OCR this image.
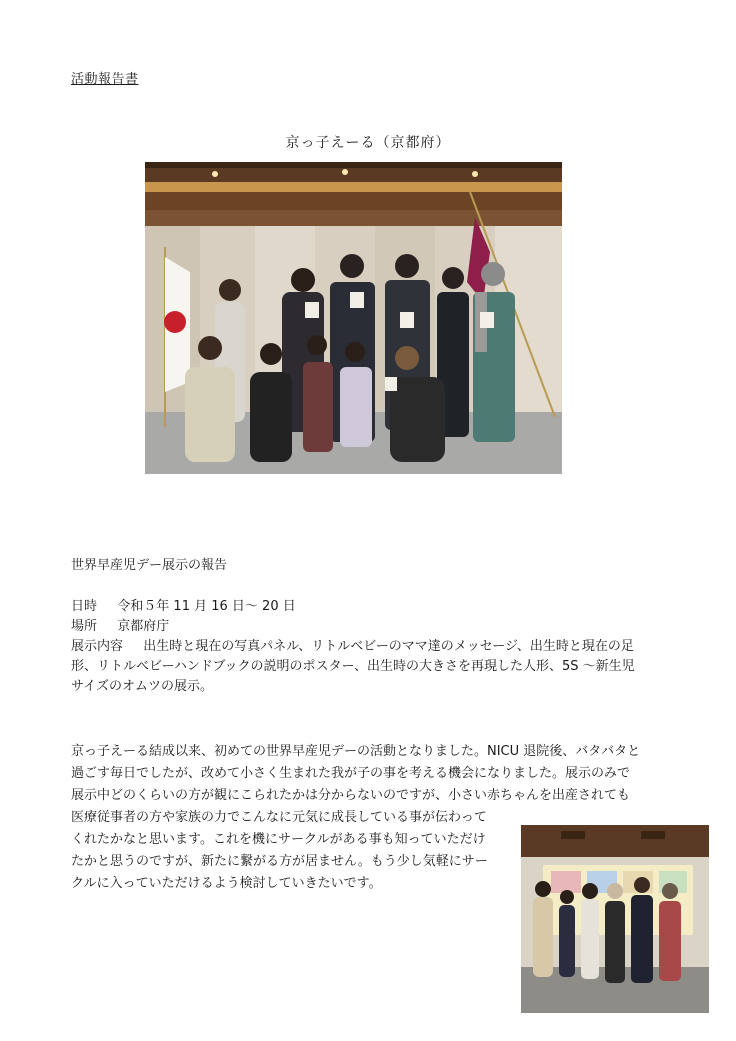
活動報告書
京っ子えーる（京都府）
世界早産児デー展示の報告
日時 令和５年 11 月 16 日～ 20 日
場所 京都府庁
展示内容 出生時と現在の写真パネル、リトルベビーのママ達のメッセージ、出生時と現在の足
形、リトルベビーハンドブックの説明のポスター、出生時の大きさを再現した人形、5S ～新生児
サイズのオムツの展示。
京っ子えーる結成以来、初めての世界早産児デーの活動となりました。NICU 退院後、バタバタと
過ごす毎日でしたが、改めて小さく生まれた我が子の事を考える機会になりました。展示のみで
展示中どのくらいの方が観にこられたかは分からないのですが、小さい赤ちゃんを出産されても
医療従事者の方や家族の力でこんなに元気に成長している事が伝わって
くれたかなと思います。これを機にサークルがある事も知っていただけ
たかと思うのですが、新たに繋がる方が居ません。もう少し気軽にサー
クルに入っていただけるよう検討していきたいです。
